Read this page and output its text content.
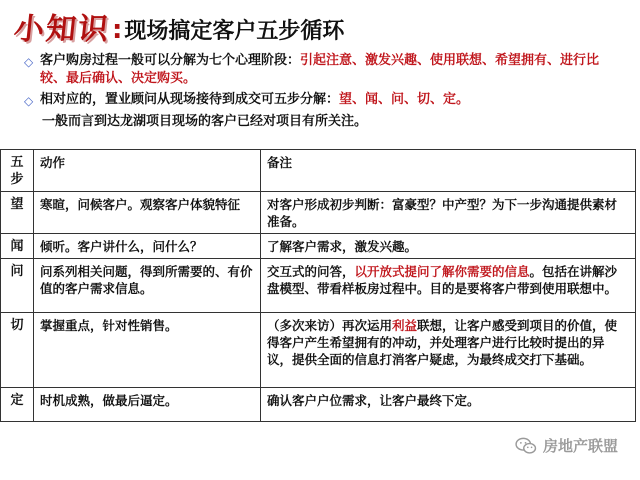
小知识 : 现场搞定客户五步循环
◇ 客户购房过程一般可以分解为七个心理阶段：引起注意、激发兴趣、使用联想、希望拥有、进行比较、最后确认、决定购买。
◇ 相对应的，置业顾问从现场接待到成交可五步分解：望、闻、问、切、定。
一般而言到达龙湖项目现场的客户已经对项目有所关注。
五步	动作	备注
望	寒暄，问候客户。观察客户体貌特征	对客户形成初步判断：富豪型？中产型？为下一步沟通提供素材准备。
闻	倾听。客户讲什么，问什么？	了解客户需求，激发兴趣。
问	问系列相关问题，得到所需要的、有价值的客户需求信息。	交互式的问答，以开放式提问了解你需要的信息。包括在讲解沙盘模型、带看样板房过程中。目的是要将客户带到使用联想中。
切	掌握重点，针对性销售。	（多次来访）再次运用利益联想，让客户感受到项目的价值，使得客户产生希望拥有的冲动，并处理客户进行比较时提出的异议，提供全面的信息打消客户疑虑，为最终成交打下基础。
定	时机成熟，做最后逼定。	确认客户户位需求，让客户最终下定。
房地产联盟
